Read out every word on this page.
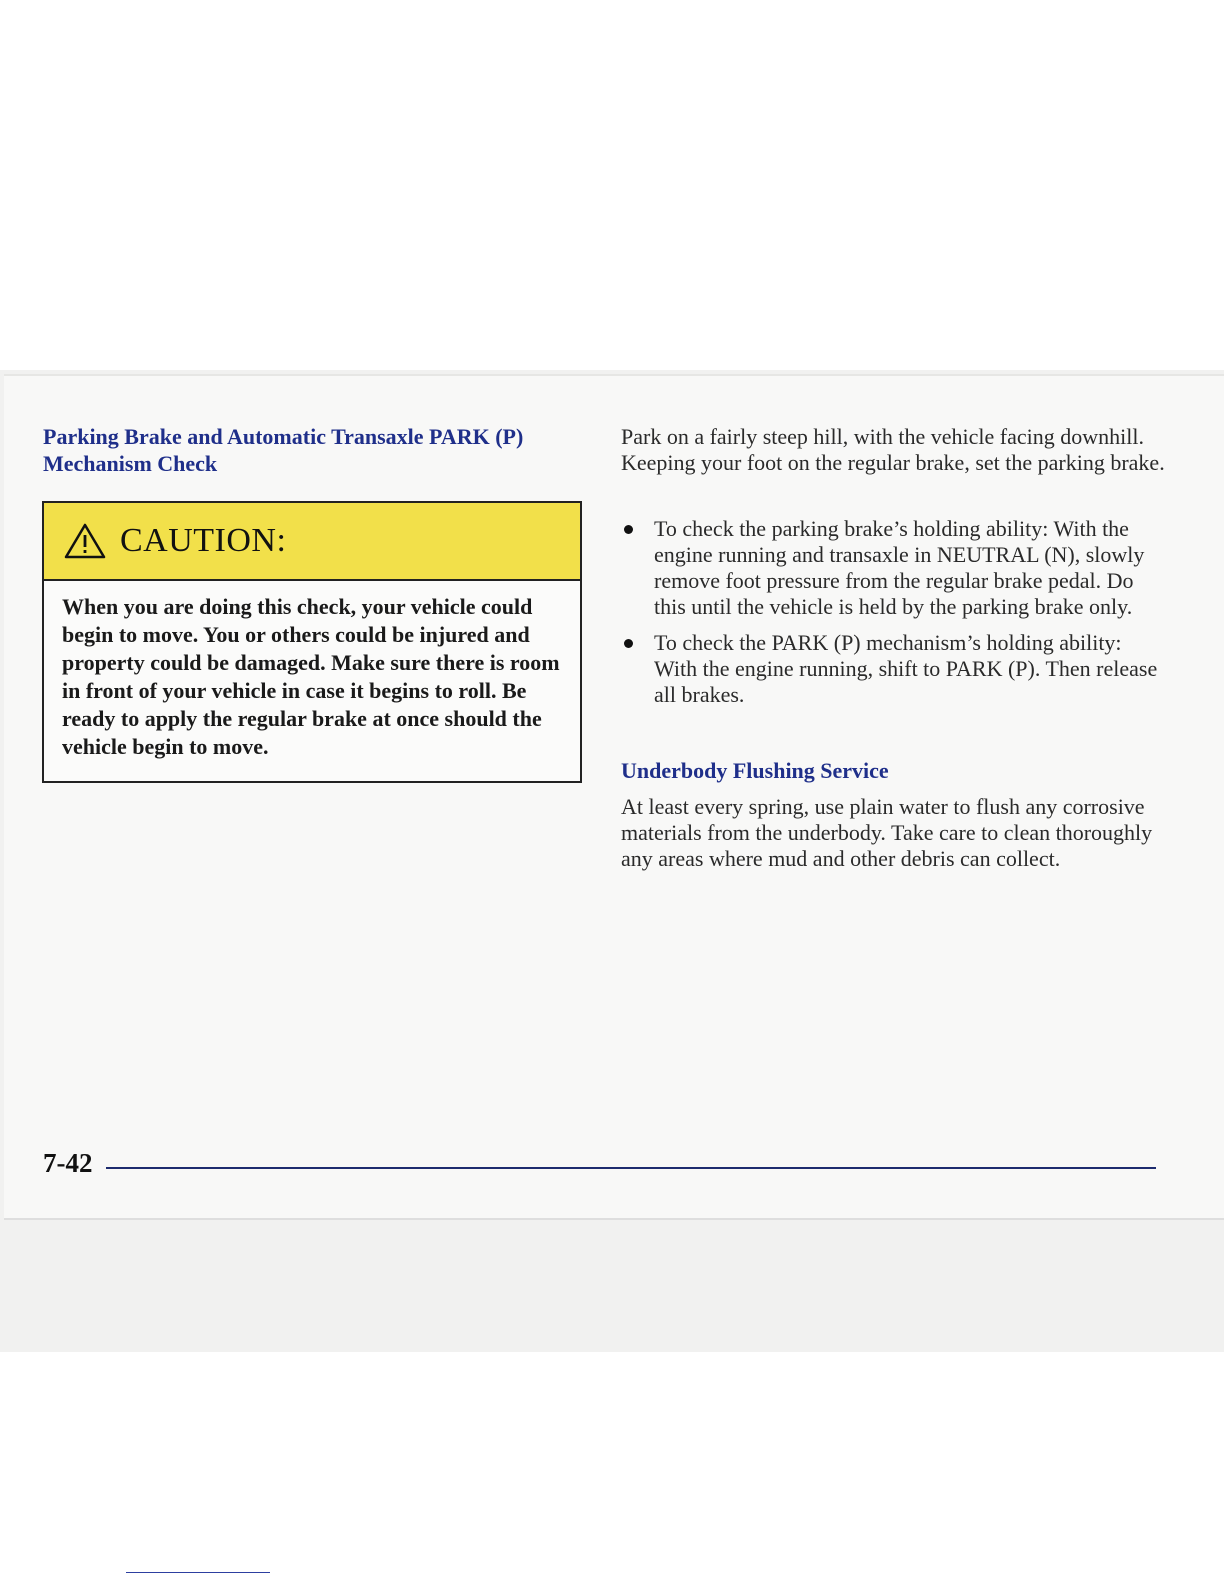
Parking Brake and Automatic Transaxle PARK (P) Mechanism Check
CAUTION:
When you are doing this check, your vehicle could begin to move. You or others could be injured and property could be damaged. Make sure there is room in front of your vehicle in case it begins to roll. Be ready to apply the regular brake at once should the vehicle begin to move.
Park on a fairly steep hill, with the vehicle facing downhill. Keeping your foot on the regular brake, set the parking brake.
To check the parking brake’s holding ability: With the engine running and transaxle in NEUTRAL (N), slowly remove foot pressure from the regular brake pedal. Do this until the vehicle is held by the parking brake only.
To check the PARK (P) mechanism’s holding ability: With the engine running, shift to PARK (P). Then release all brakes.
Underbody Flushing Service
At least every spring, use plain water to flush any corrosive materials from the underbody. Take care to clean thoroughly any areas where mud and other debris can collect.
7-42
